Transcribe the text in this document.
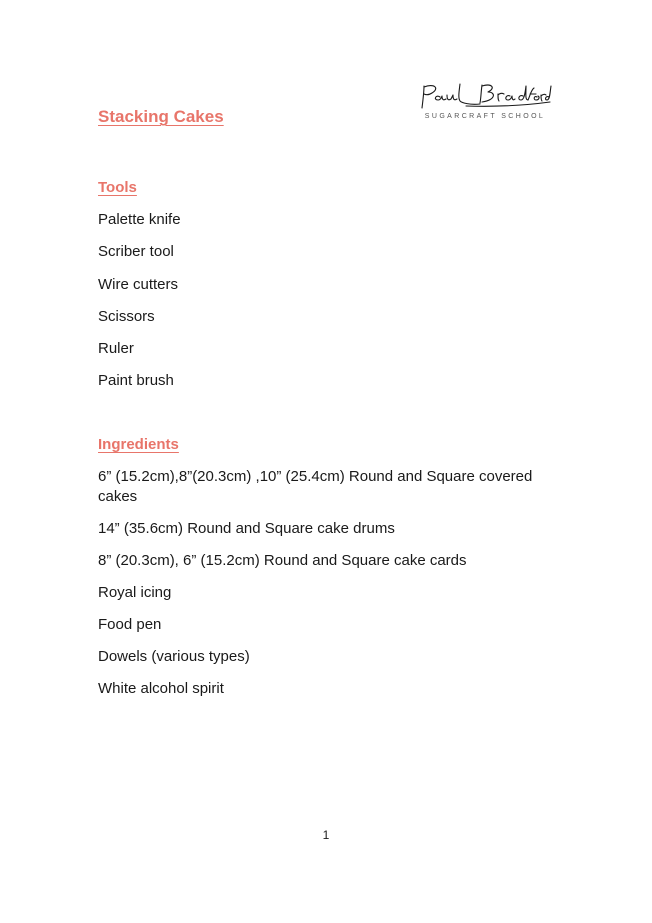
SUGARCRAFT SCHOOL
Stacking Cakes
Tools
Palette knife
Scriber tool
Wire cutters
Scissors
Ruler
Paint brush
Ingredients
6” (15.2cm),8”(20.3cm) ,10” (25.4cm) Round and Square covered cakes
14” (35.6cm) Round and Square cake drums
8” (20.3cm), 6” (15.2cm) Round and Square cake cards
Royal icing
Food pen
Dowels (various types)
White alcohol spirit
1
